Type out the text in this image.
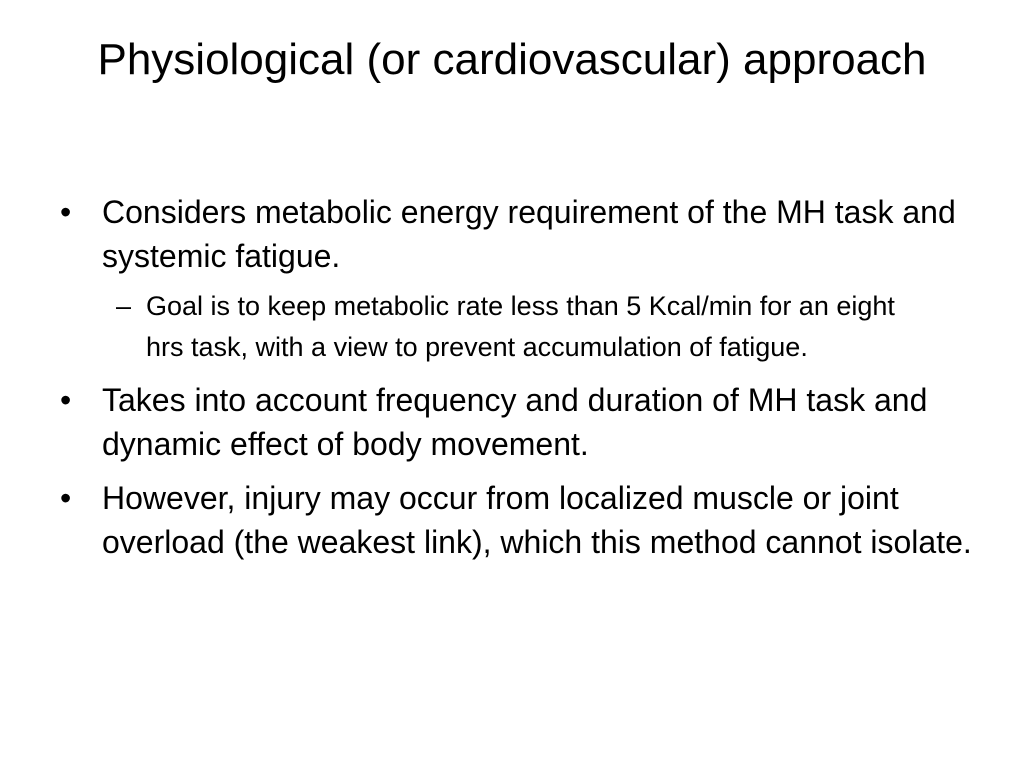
Physiological (or cardiovascular) approach
• Considers metabolic energy requirement of the MH task and systemic fatigue.
– Goal is to keep metabolic rate less than 5 Kcal/min for an eight hrs task, with a view to prevent accumulation of fatigue.
• Takes into account frequency and duration of MH task and dynamic effect of body movement.
• However, injury may occur from localized muscle or joint overload (the weakest link), which this method cannot isolate.
